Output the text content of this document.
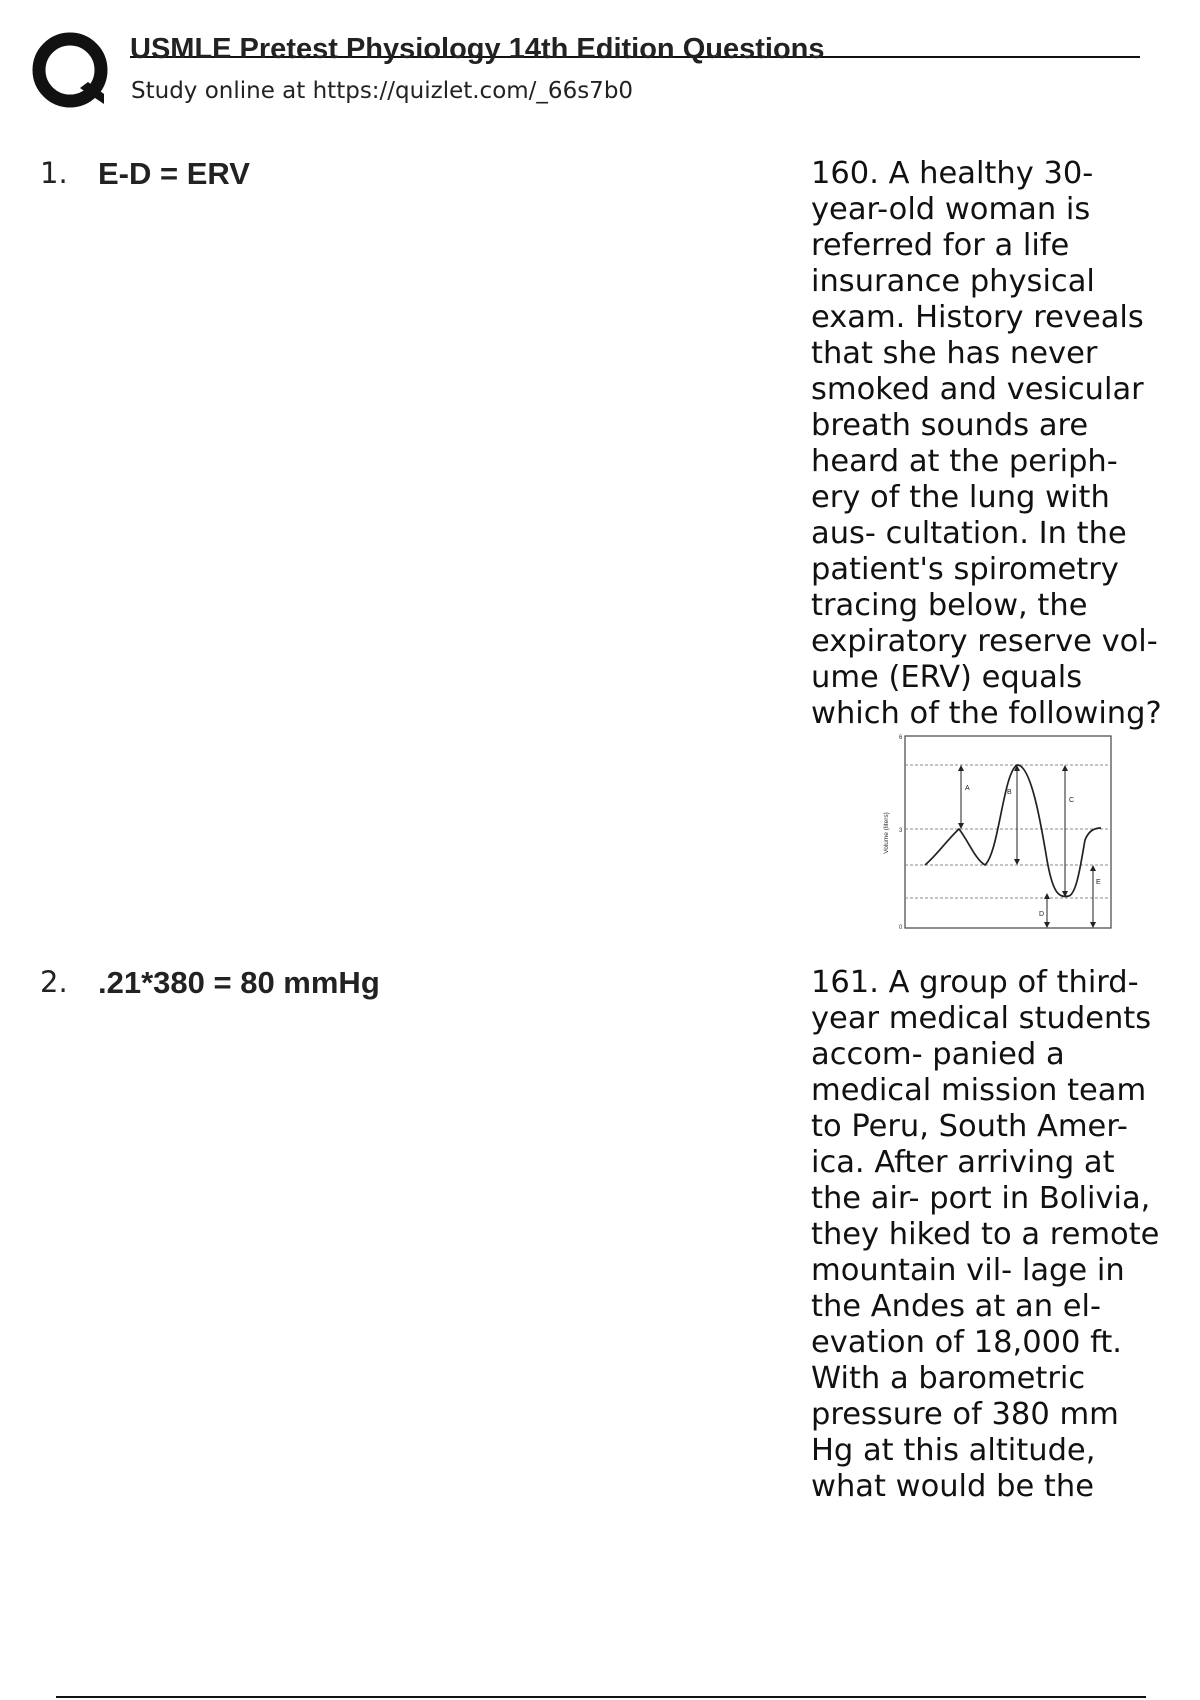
USMLE Pretest Physiology 14th Edition Questions
Study online at https://quizlet.com/_66s7b0
1. E-D = ERV	160. A healthy 30-
year-old woman is
referred for a life
insurance physical
exam. History reveals
that she has never
smoked and vesicular
breath sounds are
heard at the periph-
ery of the lung with
aus- cultation. In the
patient's spirometry
tracing below, the
expiratory reserve vol-
ume (ERV) equals
which of the following?
Volume (liters)
6
3
0
A
B
C
D
E
2. .21*380 = 80 mmHg	161. A group of third-
year medical students
accom- panied a
medical mission team
to Peru, South Amer-
ica. After arriving at
the air- port in Bolivia,
they hiked to a remote
mountain vil- lage in
the Andes at an el-
evation of 18,000 ft.
With a barometric
pressure of 380 mm
Hg at this altitude,
what would be the
